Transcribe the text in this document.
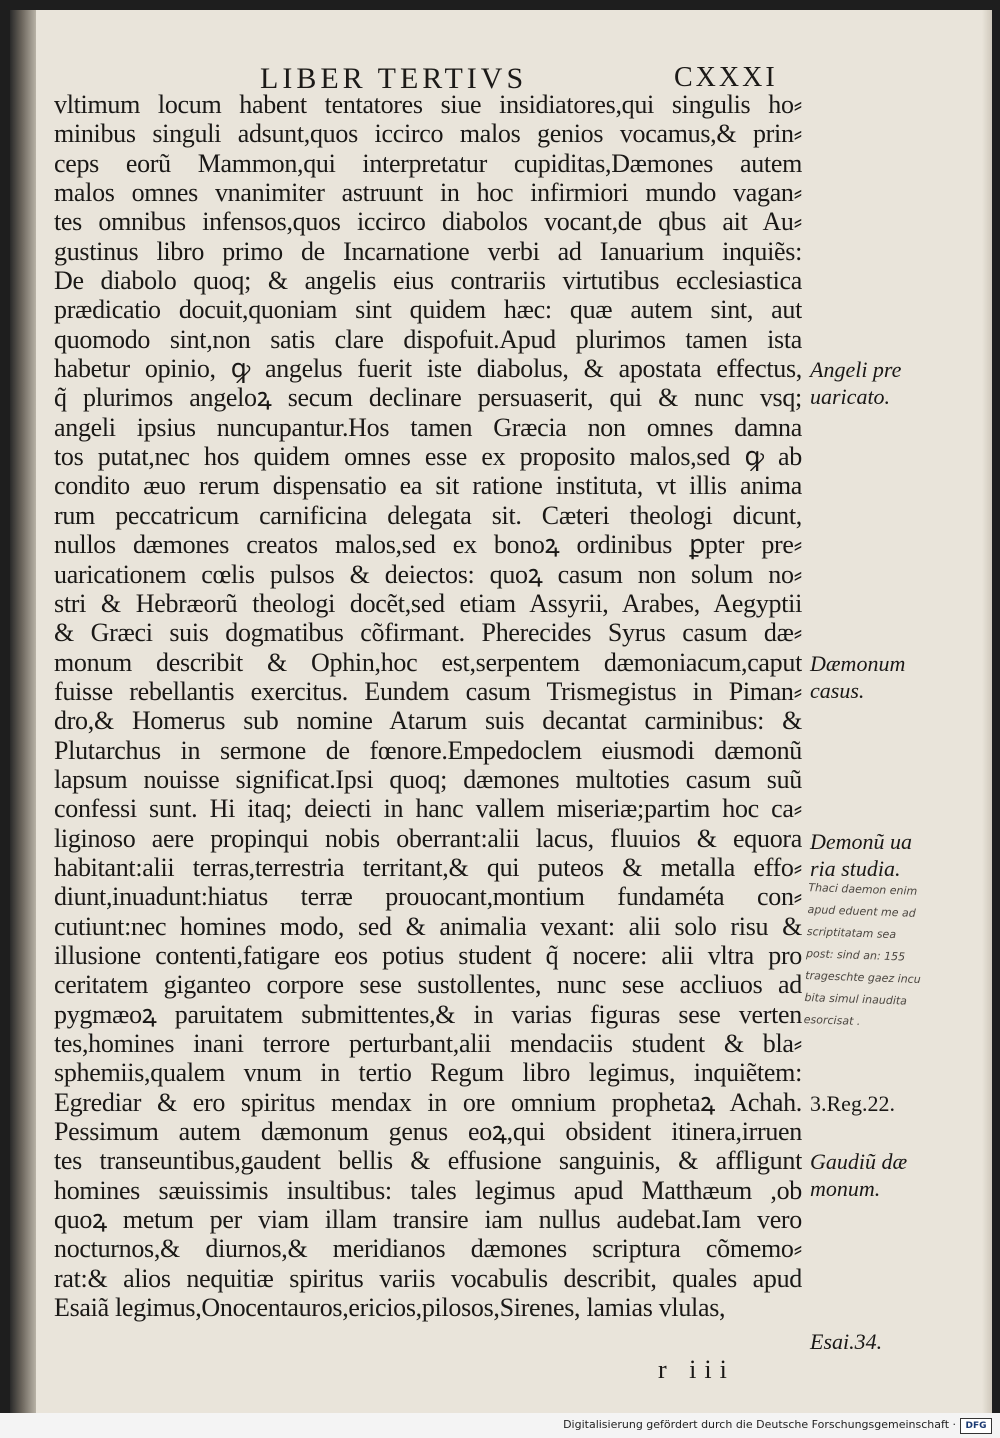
LIBER TERTIVS	CXXXI
vltimum locum habent tentatores siue insidiatores,qui singulis ho⸗
minibus singuli adsunt,quos iccirco malos genios vocamus,& prin⸗
ceps eorũ Mammon,qui interpretatur cupiditas,Dæmones autem
malos omnes vnanimiter astruunt in hoc infirmiori mundo vagan⸗
tes omnibus infensos,quos iccirco diabolos vocant,de qbus ait Au⸗
gustinus libro primo de Incarnatione verbi ad Ianuarium inquiẽs:
De diabolo quoq; & angelis eius contrariis virtutibus ecclesiastica
prædicatio docuit,quoniam sint quidem hæc: quæ autem sint, aut
quomodo sint,non satis clare dispofuit.Apud plurimos tamen ista
habetur opinio, ꝙ angelus fuerit iste diabolus, & apostata effectus,
q̃ plurimos angeloꝝ secum declinare persuaserit, qui & nunc vsq;
angeli ipsius nuncupantur.Hos tamen Græcia non omnes damna
tos putat,nec hos quidem omnes esse ex proposito malos,sed ꝙ ab
condito æuo rerum dispensatio ea sit ratione instituta, vt illis anima
rum peccatricum carnificina delegata sit. Cæteri theologi dicunt,
nullos dæmones creatos malos,sed ex bonoꝝ ordinibus ꝑpter pre⸗
uaricationem cœlis pulsos & deiectos: quoꝝ casum non solum no⸗
stri & Hebræorũ theologi docẽt,sed etiam Assyrii, Arabes, Aegyptii
& Græci suis dogmatibus cõfirmant. Pherecides Syrus casum dæ⸗
monum describit & Ophin,hoc est,serpentem dæmoniacum,caput
fuisse rebellantis exercitus. Eundem casum Trismegistus in Piman⸗
dro,& Homerus sub nomine Atarum suis decantat carminibus: &
Plutarchus in sermone de fœnore.Empedoclem eiusmodi dæmonũ
lapsum nouisse significat.Ipsi quoq; dæmones multoties casum suũ
confessi sunt. Hi itaq; deiecti in hanc vallem miseriæ;partim hoc ca⸗
liginoso aere propinqui nobis oberrant:alii lacus, fluuios & equora
habitant:alii terras,terrestria territant,& qui puteos & metalla effo⸗
diunt,inuadunt:hiatus terræ prouocant,montium fundaméta con⸗
cutiunt:nec homines modo, sed & animalia vexant: alii solo risu &
illusione contenti,fatigare eos potius student q̃ nocere: alii vltra pro
ceritatem giganteo corpore sese sustollentes, nunc sese accliuos ad
pygmæoꝝ paruitatem submittentes,& in varias figuras sese verten
tes,homines inani terrore perturbant,alii mendaciis student & bla⸗
sphemiis,qualem vnum in tertio Regum libro legimus, inquiẽtem:
Egrediar & ero spiritus mendax in ore omnium prophetaꝝ Achah.
Pessimum autem dæmonum genus eoꝝ,qui obsident itinera,irruen
tes transeuntibus,gaudent bellis & effusione sanguinis, & affligunt
homines sæuissimis insultibus: tales legimus apud Matthæum ,ob
quoꝝ metum per viam illam transire iam nullus audebat.Iam vero
nocturnos,& diurnos,& meridianos dæmones scriptura cõmemo⸗
rat:& alios nequitiæ spiritus variis vocabulis describit, quales apud
Esaiã legimus,Onocentauros,ericios,pilosos,Sirenes, lamias vlulas,
Angeli pre
uaricato.
Dæmonum
casus.
Demonũ ua
ria studia.
3.Reg.22.
Gaudiũ dæ
monum.
Esai.34.
Thaci daemon enim
apud eduent me ad
scriptitatam sea
post: sind an: 155
trageschte gaez incu
bita simul inaudita
esorcisat .
r iii
Digitalisierung gefördert durch die Deutsche Forschungsgemeinschaft ·	DFG
